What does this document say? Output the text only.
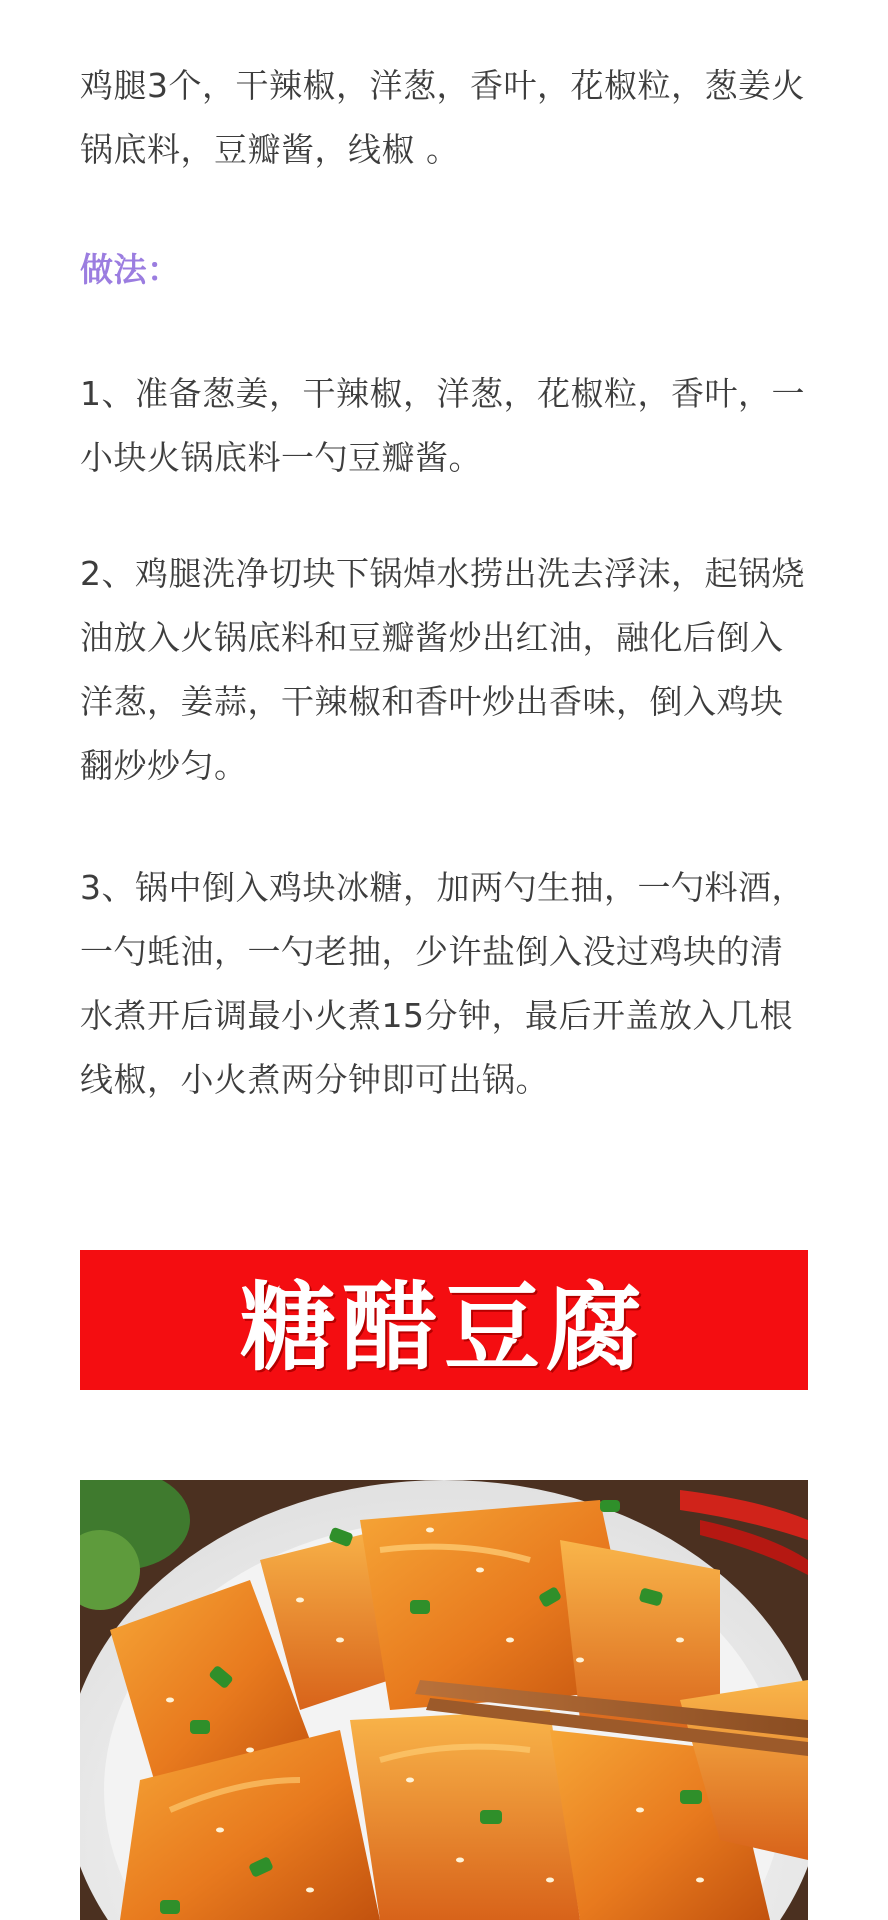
鸡腿3个，干辣椒，洋葱，香叶，花椒粒，葱姜火锅底料，豆瓣酱，线椒 。

做法：

1、准备葱姜，干辣椒，洋葱，花椒粒，香叶，一小块火锅底料一勺豆瓣酱。

2、鸡腿洗净切块下锅焯水捞出洗去浮沫，起锅烧油放入火锅底料和豆瓣酱炒出红油，融化后倒入洋葱，姜蒜，干辣椒和香叶炒出香味，倒入鸡块翻炒炒匀。

3、锅中倒入鸡块冰糖，加两勺生抽，一勺料酒，一勺蚝油，一勺老抽，少许盐倒入没过鸡块的清水煮开后调最小火煮15分钟，最后开盖放入几根线椒，小火煮两分钟即可出锅。

糖醋豆腐
